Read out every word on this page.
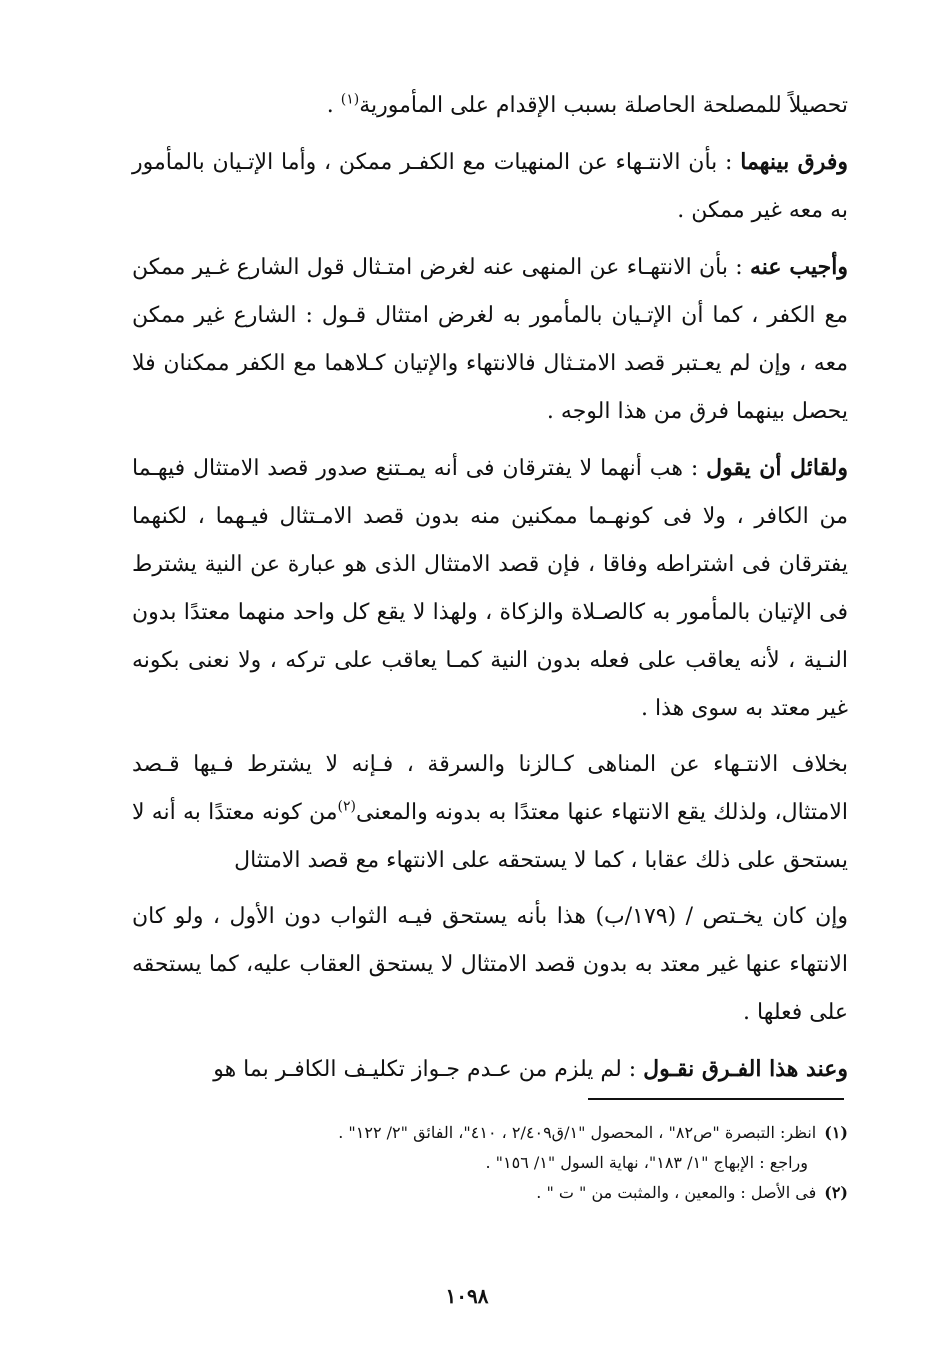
تحصيلاً للمصلحة الحاصلة بسبب الإقدام على المأمورية$^{(١)}$ .

وفرق بينهما : بأن الانتـهاء عن المنهيات مع الكفـر ممكن ، وأما الإتـيان بالمأمور به معه غير ممكن .

وأجيب عنه : بأن الانتهـاء عن المنهى عنه لغرض امتـثال قول الشارع غـير ممكن مع الكفر ، كما أن الإتـيان بالمأمور به لغرض امتثال قـول : الشارع غير ممكن معه ، وإن لم يعـتبر قصد الامتـثال فالانتهاء والإتيان كـلاهما مع الكفر ممكنان فلا يحصل بينهما فرق من هذا الوجه .

ولقائل أن يقول : هب أنهما لا يفترقان فى أنه يمـتنع صدور قصد الامتثال فيهـما من الكافر ، ولا فى كونهـما ممكنين منه بدون قصد الامـتثال فيـهما ، لكنهما يفترقان فى اشتراطه وفاقا ، فإن قصد الامتثال الذى هو عبارة عن النية يشترط فى الإتيان بالمأمور به كالصـلاة والزكاة ، ولهذا لا يقع كل واحد منهما معتدًا بدون النـية ، لأنه يعاقب على فعله بدون النية كمـا يعاقب على تركه ، ولا نعنى بكونه غير معتد به سوى هذا .

بخلاف الانتـهاء عن المناهى كـالزنا والسرقة ، فـإنه لا يشترط فـيها قـصد الامتثال، ولذلك يقع الانتهاء عنها معتدًا به بدونه والمعنى$^{(٢)}$من كونه معتدًا به أنه لا يستحق على ذلك عقابا ، كما لا يستحقه على الانتهاء مع قصد الامتثال

وإن كان يخـتص / (١٧٩/ب) هذا بأنه يستحق فيـه الثواب دون الأول ، ولو كان الانتهاء عنها غير معتد به بدون قصد الامتثال لا يستحق العقاب عليه، كما يستحقه على فعلها .

وعند هذا الفـرق نقـول : لم يلزم من عـدم جـواز تكليـف الكافـر بما هو

(١)انظر: التبصرة "ص٨٢" ، المحصول "١/ق٢/٤٠٩ ، ٤١٠"، الفائق "٢/ ١٢٢" .

وراجع : الإبهاج "١/ ١٨٣"، نهاية السول "١/ ١٥٦" .

(٢)فى الأصل : والمعين ، والمثبت من " ت " .

١٠٩٨
